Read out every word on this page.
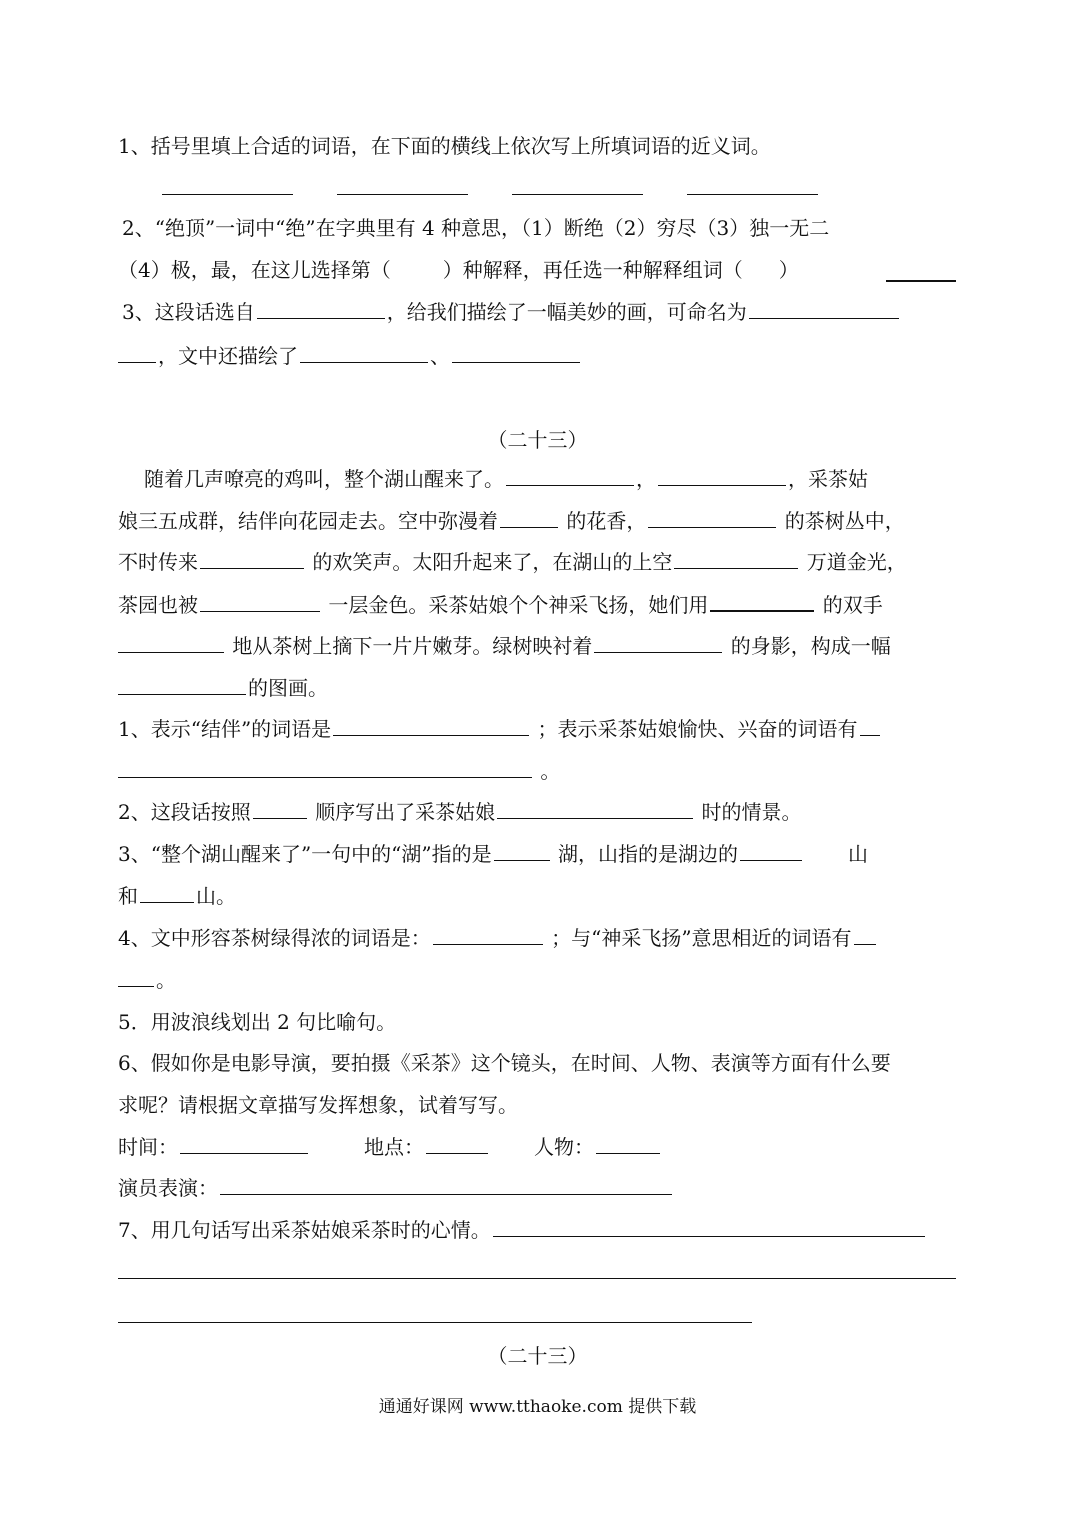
1、括号里填上合适的词语，在下面的横线上依次写上所填词语的近义词。
2、“绝顶”一词中“绝”在字典里有 4 种意思，（1）断绝（2）穷尽（3）独一无二
（4）极，最，在这儿选择第（	）种解释，再任选一种解释组词（ ）
3、这段话选自	，给我们描绘了一幅美妙的画，可命名为
，文中还描绘了	、
（二十三）
随着几声嘹亮的鸡叫，整个湖山醒来了。	，	，采茶姑
娘三五成群，结伴向花园走去。空中弥漫着	的花香，	的茶树丛中，
不时传来	的欢笑声。太阳升起来了，在湖山的上空	万道金光，
茶园也被	一层金色。采茶姑娘个个神采飞扬，她们用	的双手
地从茶树上摘下一片片嫩芽。绿树映衬着	的身影，构成一幅
的图画。
1、表示“结伴”的词语是	；表示采茶姑娘愉快、兴奋的词语有
。
2、这段话按照	顺序写出了采茶姑娘	时的情景。
3、“整个湖山醒来了”一句中的“湖”指的是	湖，山指的是湖边的	山
和	山。
4、文中形容茶树绿得浓的词语是：	；与“神采飞扬”意思相近的词语有
。
5．用波浪线划出 2 句比喻句。
6、假如你是电影导演，要拍摄《采茶》这个镜头，在时间、人物、表演等方面有什么要
求呢？请根据文章描写发挥想象，试着写写。
时间：	地点：	人物：
演员表演：
7、用几句话写出采茶姑娘采茶时的心情。
（二十三）
通通好课网 www.tthaoke.com 提供下载
